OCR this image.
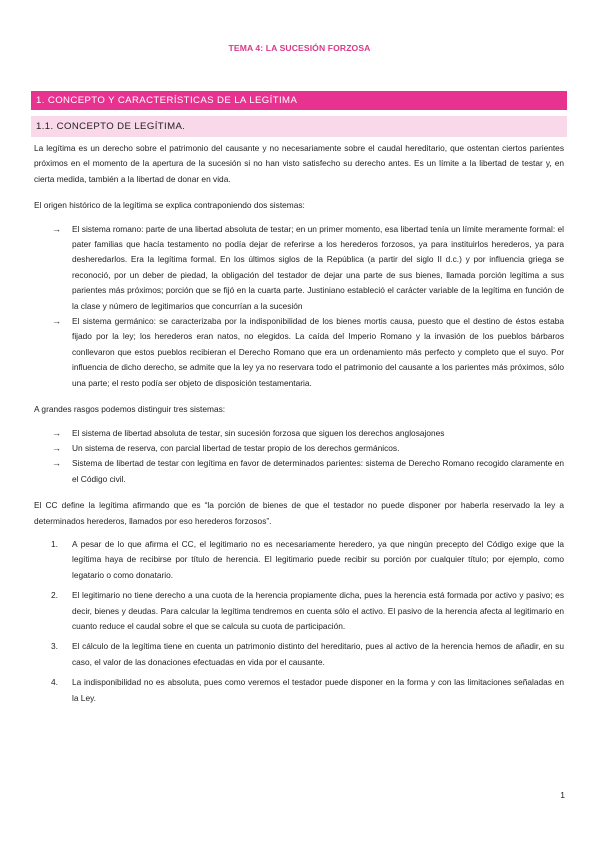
TEMA 4: LA SUCESIÓN FORZOSA
1. CONCEPTO Y CARACTERÍSTICAS DE LA LEGÍTIMA
1.1. CONCEPTO DE LEGÍTIMA.

La legítima es un derecho sobre el patrimonio del causante y no necesariamente sobre el caudal hereditario, que ostentan ciertos parientes próximos en el momento de la apertura de la sucesión si no han visto satisfecho su derecho antes. Es un límite a la libertad de testar y, en cierta medida, también a la libertad de donar en vida.

El origen histórico de la legítima se explica contraponiendo dos sistemas:

→ El sistema romano: parte de una libertad absoluta de testar; en un primer momento, esa libertad tenía un límite meramente formal: el pater familias que hacía testamento no podía dejar de referirse a los herederos forzosos, ya para instituirlos herederos, ya para desheredarlos. Era la legítima formal. En los últimos siglos de la República (a partir del siglo II d.c.) y por influencia griega se reconoció, por un deber de piedad, la obligación del testador de dejar una parte de sus bienes, llamada porción legítima a sus parientes más próximos; porción que se fijó en la cuarta parte. Justiniano estableció el carácter variable de la legítima en función de la clase y número de legitimarios que concurrían a la sucesión
→ El sistema germánico: se caracterizaba por la indisponibilidad de los bienes mortis causa, puesto que el destino de éstos estaba fijado por la ley; los herederos eran natos, no elegidos. La caída del Imperio Romano y la invasión de los pueblos bárbaros conllevaron que estos pueblos recibieran el Derecho Romano que era un ordenamiento más perfecto y completo que el suyo. Por influencia de dicho derecho, se admite que la ley ya no reservara todo el patrimonio del causante a los parientes más próximos, sólo una parte; el resto podía ser objeto de disposición testamentaria.

A grandes rasgos podemos distinguir tres sistemas:

→ El sistema de libertad absoluta de testar, sin sucesión forzosa que siguen los derechos anglosajones
→ Un sistema de reserva, con parcial libertad de testar propio de los derechos germánicos.
→ Sistema de libertad de testar con legítima en favor de determinados parientes: sistema de Derecho Romano recogido claramente en el Código civil.

El CC define la legítima afirmando que es “la porción de bienes de que el testador no puede disponer por haberla reservado la ley a determinados herederos, llamados por eso herederos forzosos”.

1. A pesar de lo que afirma el CC, el legitimario no es necesariamente heredero, ya que ningún precepto del Código exige que la legítima haya de recibirse por título de herencia. El legitimario puede recibir su porción por cualquier título; por ejemplo, como legatario o como donatario.
2. El legitimario no tiene derecho a una cuota de la herencia propiamente dicha, pues la herencia está formada por activo y pasivo; es decir, bienes y deudas. Para calcular la legítima tendremos en cuenta sólo el activo. El pasivo de la herencia afecta al legitimario en cuanto reduce el caudal sobre el que se calcula su cuota de participación.
3. El cálculo de la legítima tiene en cuenta un patrimonio distinto del hereditario, pues al activo de la herencia hemos de añadir, en su caso, el valor de las donaciones efectuadas en vida por el causante.
4. La indisponibilidad no es absoluta, pues como veremos el testador puede disponer en la forma y con las limitaciones señaladas en la Ley.
1
